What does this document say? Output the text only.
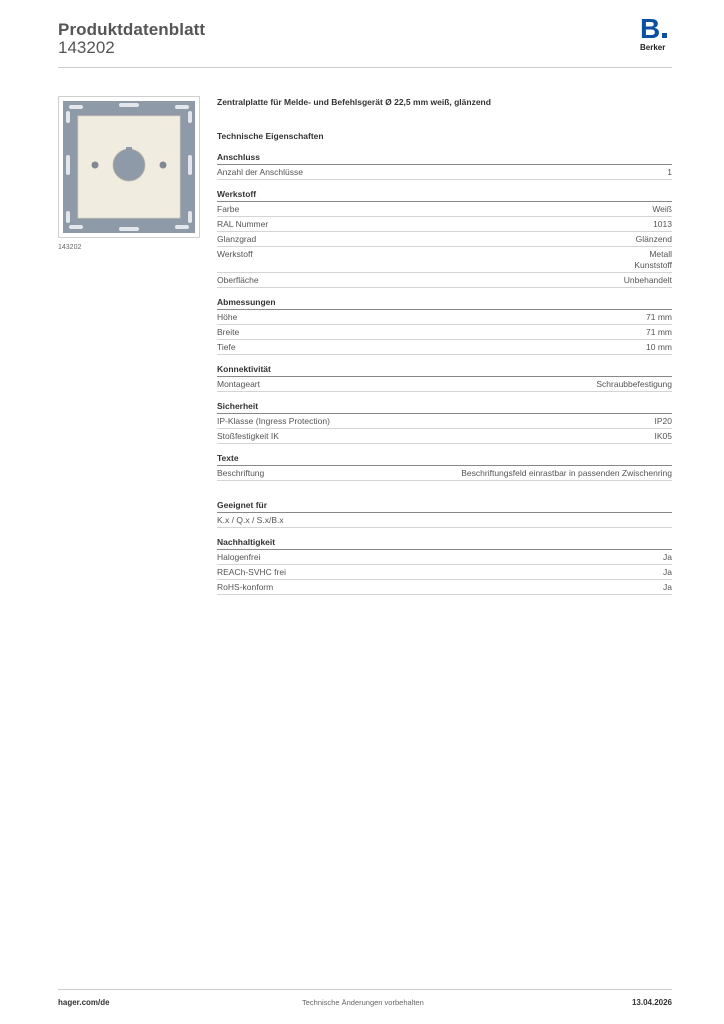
Produktdatenblatt
143202
B
Berker
143202
Zentralplatte für Melde- und Befehlsgerät Ø 22,5 mm weiß, glänzend
Technische Eigenschaften
Anschluss
Anzahl der Anschlüsse	1
Werkstoff
Farbe	Weiß
RAL Nummer	1013
Glanzgrad	Glänzend
Werkstoff	Metall
Kunststoff
Oberfläche	Unbehandelt
Abmessungen
Höhe	71 mm
Breite	71 mm
Tiefe	10 mm
Konnektivität
Montageart	Schraubbefestigung
Sicherheit
IP-Klasse (Ingress Protection)	IP20
Stoßfestigkeit IK	IK05
Texte
Beschriftung	Beschriftungsfeld einrastbar in passenden Zwischenring
Geeignet für
K.x / Q.x / S.x/B.x
Nachhaltigkeit
Halogenfrei	Ja
REACh-SVHC frei	Ja
RoHS-konform	Ja
hager.com/de	Technische Änderungen vorbehalten	13.04.2026
